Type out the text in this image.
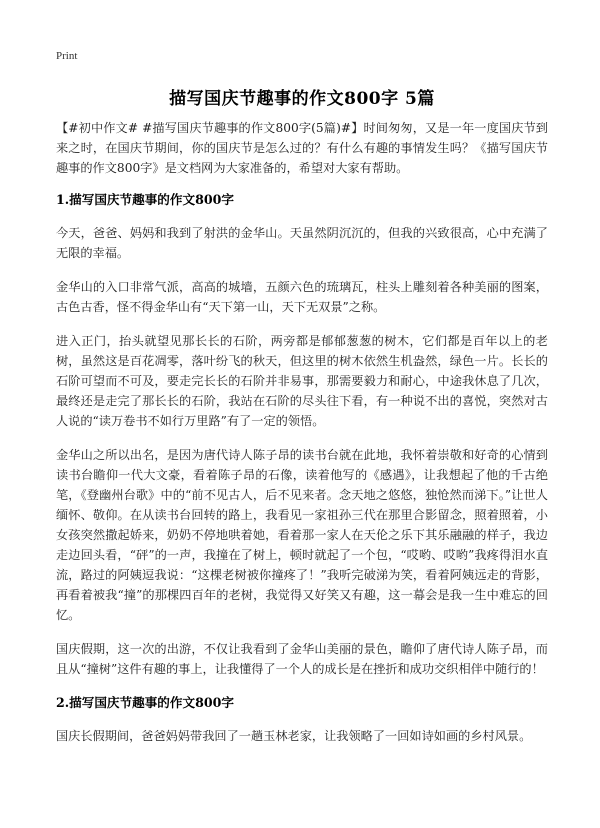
Print
描写国庆节趣事的作文800字 5篇

【#初中作文# #描写国庆节趣事的作文800字(5篇)#】时间匆匆，又是一年一度国庆节到来之时，在国庆节期间，你的国庆节是怎么过的？有什么有趣的事情发生吗？《描写国庆节趣事的作文800字》是文档网为大家准备的，希望对大家有帮助。

1.描写国庆节趣事的作文800字

今天，爸爸、妈妈和我到了射洪的金华山。天虽然阴沉沉的，但我的兴致很高，心中充满了无限的幸福。

金华山的入口非常气派，高高的城墙，五颜六色的琉璃瓦，柱头上雕刻着各种美丽的图案，古色古香，怪不得金华山有“天下第一山，天下无双景”之称。

进入正门，抬头就望见那长长的石阶，两旁都是郁郁葱葱的树木，它们都是百年以上的老树，虽然这是百花凋零，落叶纷飞的秋天，但这里的树木依然生机盎然，绿色一片。长长的石阶可望而不可及，要走完长长的石阶并非易事，那需要毅力和耐心，中途我休息了几次，最终还是走完了那长长的石阶，我站在石阶的尽头往下看，有一种说不出的喜悦，突然对古人说的“读万卷书不如行万里路”有了一定的领悟。

金华山之所以出名，是因为唐代诗人陈子昂的读书台就在此地，我怀着崇敬和好奇的心情到读书台瞻仰一代大文豪，看着陈子昂的石像，读着他写的《感遇》，让我想起了他的千古绝笔，《登幽州台歌》中的“前不见古人，后不见来者。念天地之悠悠，独怆然而涕下。”让世人缅怀、敬仰。在从读书台回转的路上，我看见一家祖孙三代在那里合影留念，照着照着，小女孩突然撒起娇来，奶奶不停地哄着她，看着那一家人在天伦之乐下其乐融融的样子，我边走边回头看，“砰”的一声，我撞在了树上，顿时就起了一个包，“哎哟、哎哟”我疼得泪水直流，路过的阿姨逗我说：“这棵老树被你撞疼了！”我听完破涕为笑，看着阿姨远走的背影，再看着被我“撞”的那棵四百年的老树，我觉得又好笑又有趣，这一幕会是我一生中难忘的回忆。

国庆假期，这一次的出游，不仅让我看到了金华山美丽的景色，瞻仰了唐代诗人陈子昂，而且从“撞树”这件有趣的事上，让我懂得了一个人的成长是在挫折和成功交织相伴中随行的！

2.描写国庆节趣事的作文800字

国庆长假期间，爸爸妈妈带我回了一趟玉林老家，让我领略了一回如诗如画的乡村风景。
